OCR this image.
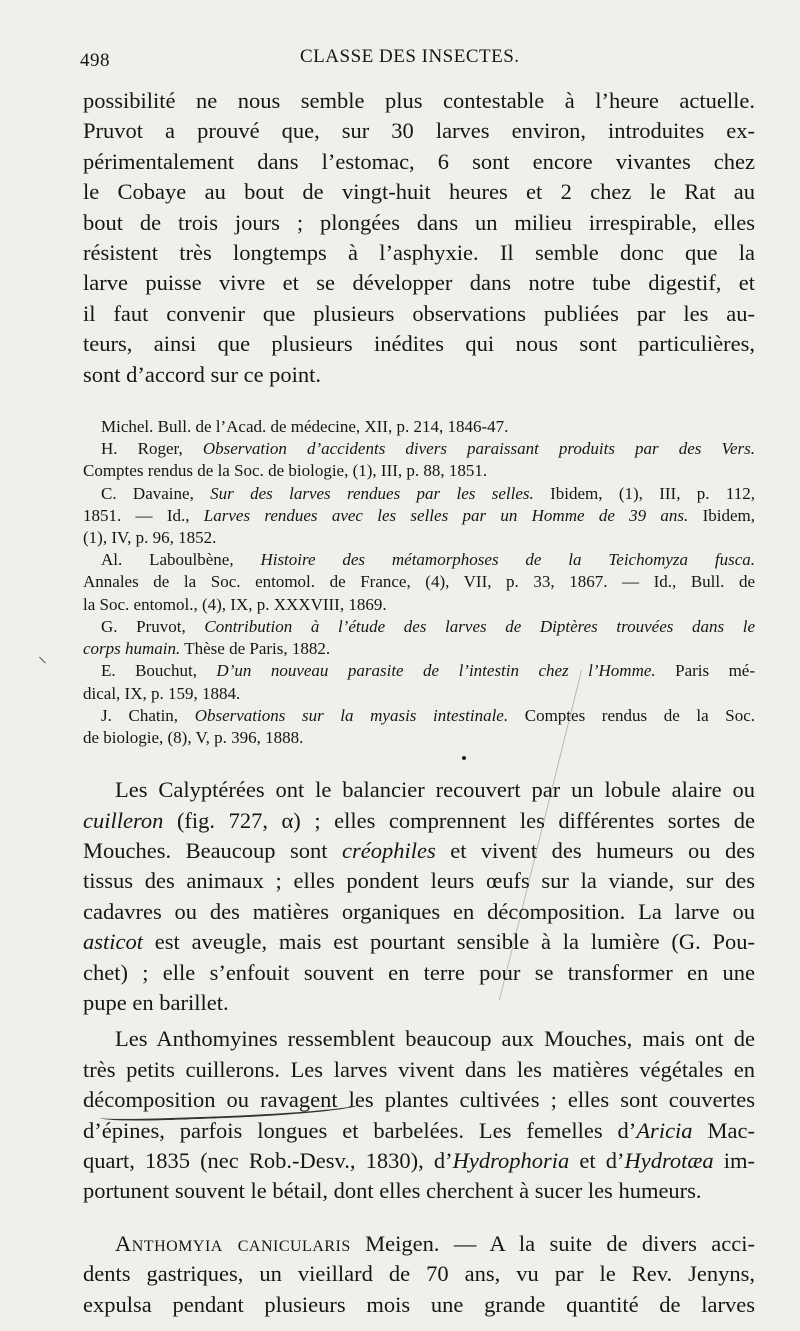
498	CLASSE DES INSECTES.
⸜

possibilité ne nous semble plus contestable à l’heure actuelle.
Pruvot a prouvé que, sur 30 larves environ, introduites ex-
périmentalement dans l’estomac, 6 sont encore vivantes chez
le Cobaye au bout de vingt-huit heures et 2 chez le Rat au
bout de trois jours ; plongées dans un milieu irrespirable, elles
résistent très longtemps à l’asphyxie. Il semble donc que la
larve puisse vivre et se développer dans notre tube digestif, et
il faut convenir que plusieurs observations publiées par les au-
teurs, ainsi que plusieurs inédites qui nous sont particulières,
sont d’accord sur ce point.

Michel. Bull. de l’Acad. de médecine, XII, p. 214, 1846-47.

H. Roger, Observation d’accidents divers paraissant produits par des Vers.
Comptes rendus de la Soc. de biologie, (1), III, p. 88, 1851.

C. Davaine, Sur des larves rendues par les selles. Ibidem, (1), III, p. 112,
1851. — Id., Larves rendues avec les selles par un Homme de 39 ans. Ibidem,
(1), IV, p. 96, 1852.

Al. Laboulbène, Histoire des métamorphoses de la Teichomyza fusca.
Annales de la Soc. entomol. de France, (4), VII, p. 33, 1867. — Id., Bull. de
la Soc. entomol., (4), IX, p. XXXVIII, 1869.

G. Pruvot, Contribution à l’étude des larves de Diptères trouvées dans le
corps humain. Thèse de Paris, 1882.

E. Bouchut, D’un nouveau parasite de l’intestin chez l’Homme. Paris mé-
dical, IX, p. 159, 1884.

J. Chatin, Observations sur la myasis intestinale. Comptes rendus de la Soc.
de biologie, (8), V, p. 396, 1888.

Les Calyptérées ont le balancier recouvert par un lobule alaire ou
cuilleron (fig. 727, α) ; elles comprennent les différentes sortes de
Mouches. Beaucoup sont créophiles et vivent des humeurs ou des
tissus des animaux ; elles pondent leurs œufs sur la viande, sur des
cadavres ou des matières organiques en décomposition. La larve ou
asticot est aveugle, mais est pourtant sensible à la lumière (G. Pou-
chet) ; elle s’enfouit souvent en terre pour se transformer en une
pupe en barillet.

Les Anthomyines ressemblent beaucoup aux Mouches, mais ont de
très petits cuillerons. Les larves vivent dans les matières végétales en
décomposition ou ravagent les plantes cultivées ; elles sont couvertes
d’épines, parfois longues et barbelées. Les femelles d’Aricia Mac-
quart, 1835 (nec Rob.-Desv., 1830), d’Hydrophoria et d’Hydrotæa im-
portunent souvent le bétail, dont elles cherchent à sucer les humeurs.

Anthomyia canicularis Meigen. — A la suite de divers acci-
dents gastriques, un vieillard de 70 ans, vu par le Rev. Jenyns,
expulsa pendant plusieurs mois une grande quantité de larves
